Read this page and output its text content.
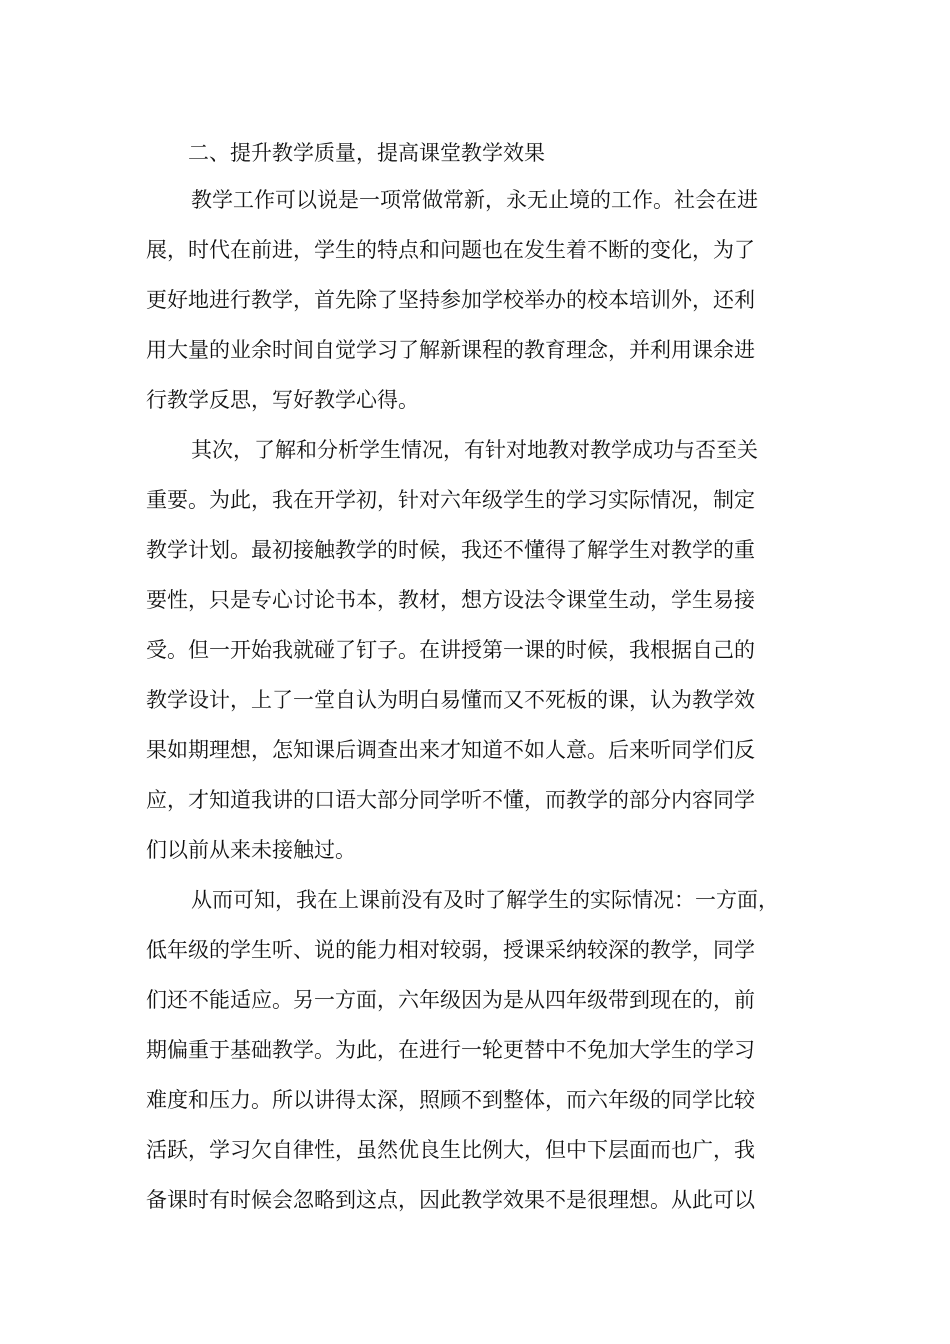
二、提升教学质量，提高课堂教学效果
教学工作可以说是一项常做常新，永无止境的工作。社会在进
展，时代在前进，学生的特点和问题也在发生着不断的变化，为了
更好地进行教学，首先除了坚持参加学校举办的校本培训外，还利
用大量的业余时间自觉学习了解新课程的教育理念，并利用课余进
行教学反思，写好教学心得。
其次，了解和分析学生情况，有针对地教对教学成功与否至关
重要。为此，我在开学初，针对六年级学生的学习实际情况，制定
教学计划。最初接触教学的时候，我还不懂得了解学生对教学的重
要性，只是专心讨论书本，教材，想方设法令课堂生动，学生易接
受。但一开始我就碰了钉子。在讲授第一课的时候，我根据自己的
教学设计，上了一堂自认为明白易懂而又不死板的课，认为教学效
果如期理想，怎知课后调查出来才知道不如人意。后来听同学们反
应，才知道我讲的口语大部分同学听不懂，而教学的部分内容同学
们以前从来未接触过。
从而可知，我在上课前没有及时了解学生的实际情况：一方面，
低年级的学生听、说的能力相对较弱，授课采纳较深的教学，同学
们还不能适应。另一方面，六年级因为是从四年级带到现在的，前
期偏重于基础教学。为此，在进行一轮更替中不免加大学生的学习
难度和压力。所以讲得太深，照顾不到整体，而六年级的同学比较
活跃，学习欠自律性，虽然优良生比例大，但中下层面而也广，我
备课时有时候会忽略到这点，因此教学效果不是很理想。从此可以
